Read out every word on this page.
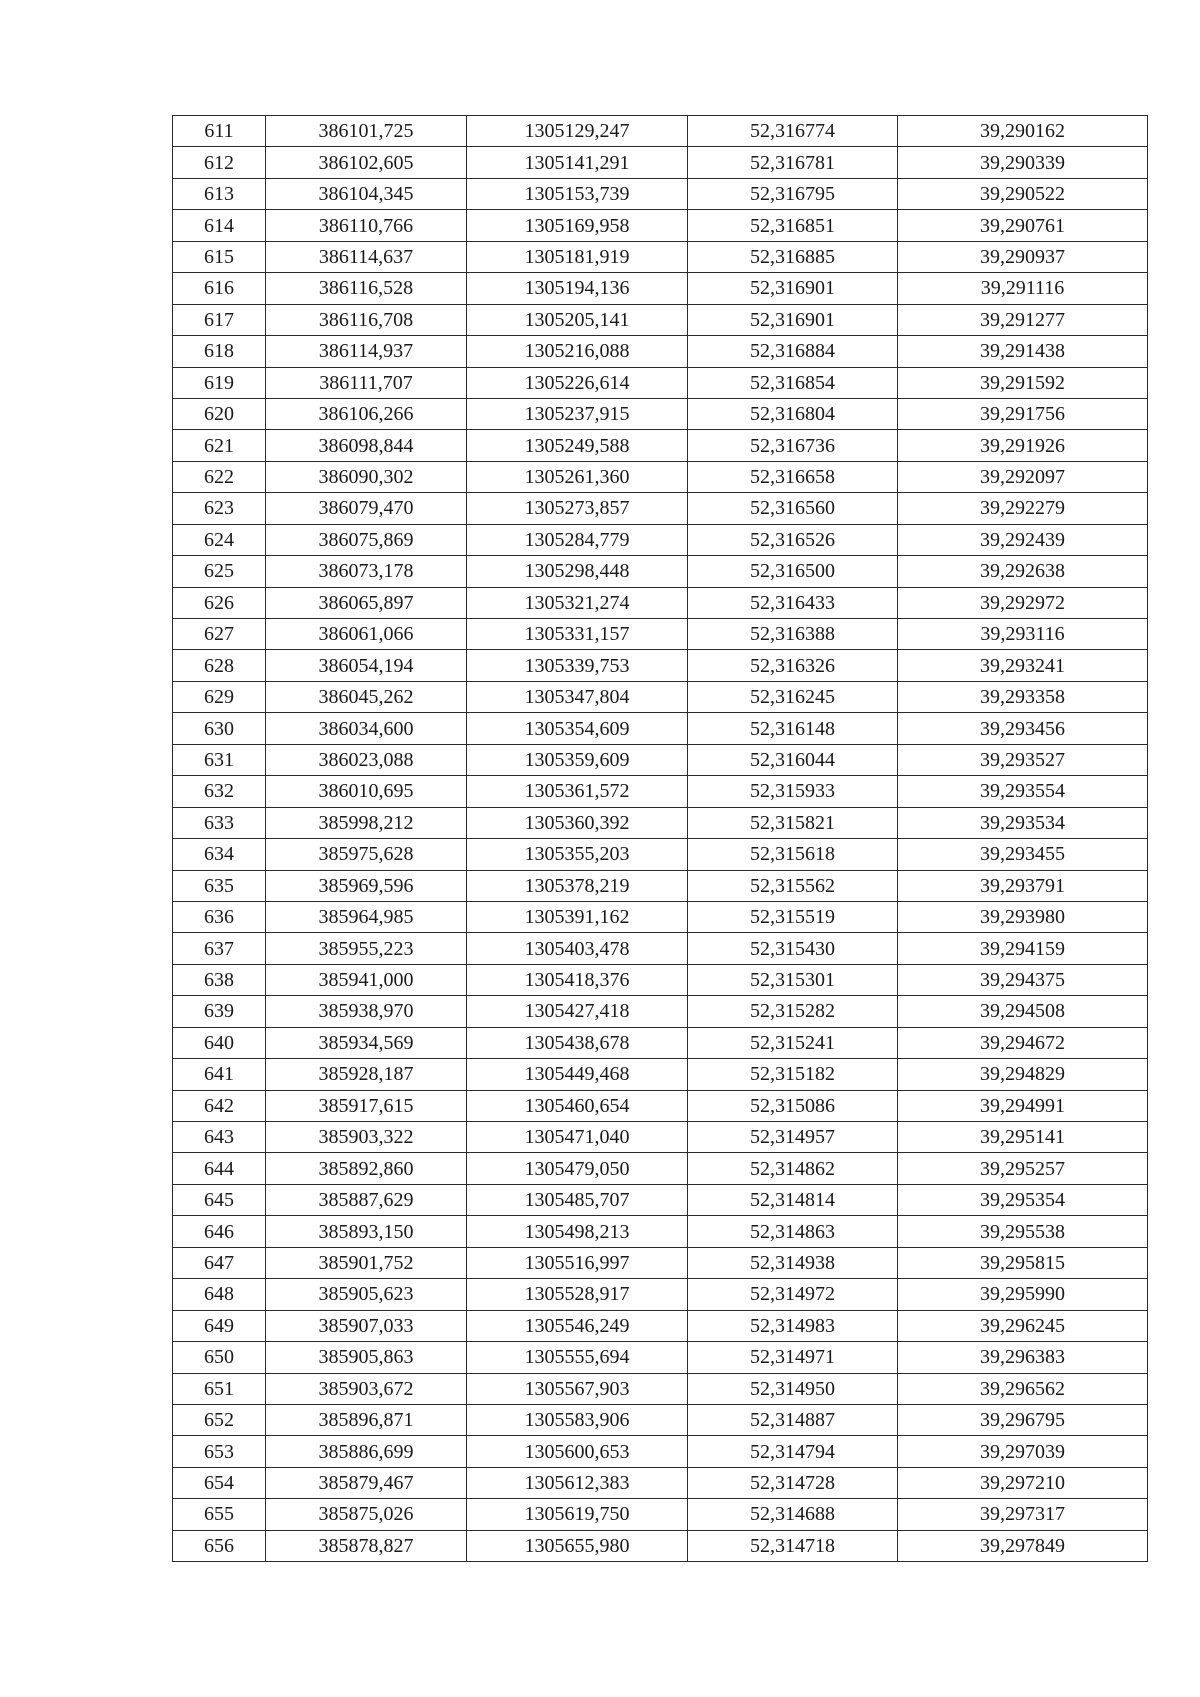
611	386101,725	1305129,247	52,316774	39,290162
612	386102,605	1305141,291	52,316781	39,290339
613	386104,345	1305153,739	52,316795	39,290522
614	386110,766	1305169,958	52,316851	39,290761
615	386114,637	1305181,919	52,316885	39,290937
616	386116,528	1305194,136	52,316901	39,291116
617	386116,708	1305205,141	52,316901	39,291277
618	386114,937	1305216,088	52,316884	39,291438
619	386111,707	1305226,614	52,316854	39,291592
620	386106,266	1305237,915	52,316804	39,291756
621	386098,844	1305249,588	52,316736	39,291926
622	386090,302	1305261,360	52,316658	39,292097
623	386079,470	1305273,857	52,316560	39,292279
624	386075,869	1305284,779	52,316526	39,292439
625	386073,178	1305298,448	52,316500	39,292638
626	386065,897	1305321,274	52,316433	39,292972
627	386061,066	1305331,157	52,316388	39,293116
628	386054,194	1305339,753	52,316326	39,293241
629	386045,262	1305347,804	52,316245	39,293358
630	386034,600	1305354,609	52,316148	39,293456
631	386023,088	1305359,609	52,316044	39,293527
632	386010,695	1305361,572	52,315933	39,293554
633	385998,212	1305360,392	52,315821	39,293534
634	385975,628	1305355,203	52,315618	39,293455
635	385969,596	1305378,219	52,315562	39,293791
636	385964,985	1305391,162	52,315519	39,293980
637	385955,223	1305403,478	52,315430	39,294159
638	385941,000	1305418,376	52,315301	39,294375
639	385938,970	1305427,418	52,315282	39,294508
640	385934,569	1305438,678	52,315241	39,294672
641	385928,187	1305449,468	52,315182	39,294829
642	385917,615	1305460,654	52,315086	39,294991
643	385903,322	1305471,040	52,314957	39,295141
644	385892,860	1305479,050	52,314862	39,295257
645	385887,629	1305485,707	52,314814	39,295354
646	385893,150	1305498,213	52,314863	39,295538
647	385901,752	1305516,997	52,314938	39,295815
648	385905,623	1305528,917	52,314972	39,295990
649	385907,033	1305546,249	52,314983	39,296245
650	385905,863	1305555,694	52,314971	39,296383
651	385903,672	1305567,903	52,314950	39,296562
652	385896,871	1305583,906	52,314887	39,296795
653	385886,699	1305600,653	52,314794	39,297039
654	385879,467	1305612,383	52,314728	39,297210
655	385875,026	1305619,750	52,314688	39,297317
656	385878,827	1305655,980	52,314718	39,297849
